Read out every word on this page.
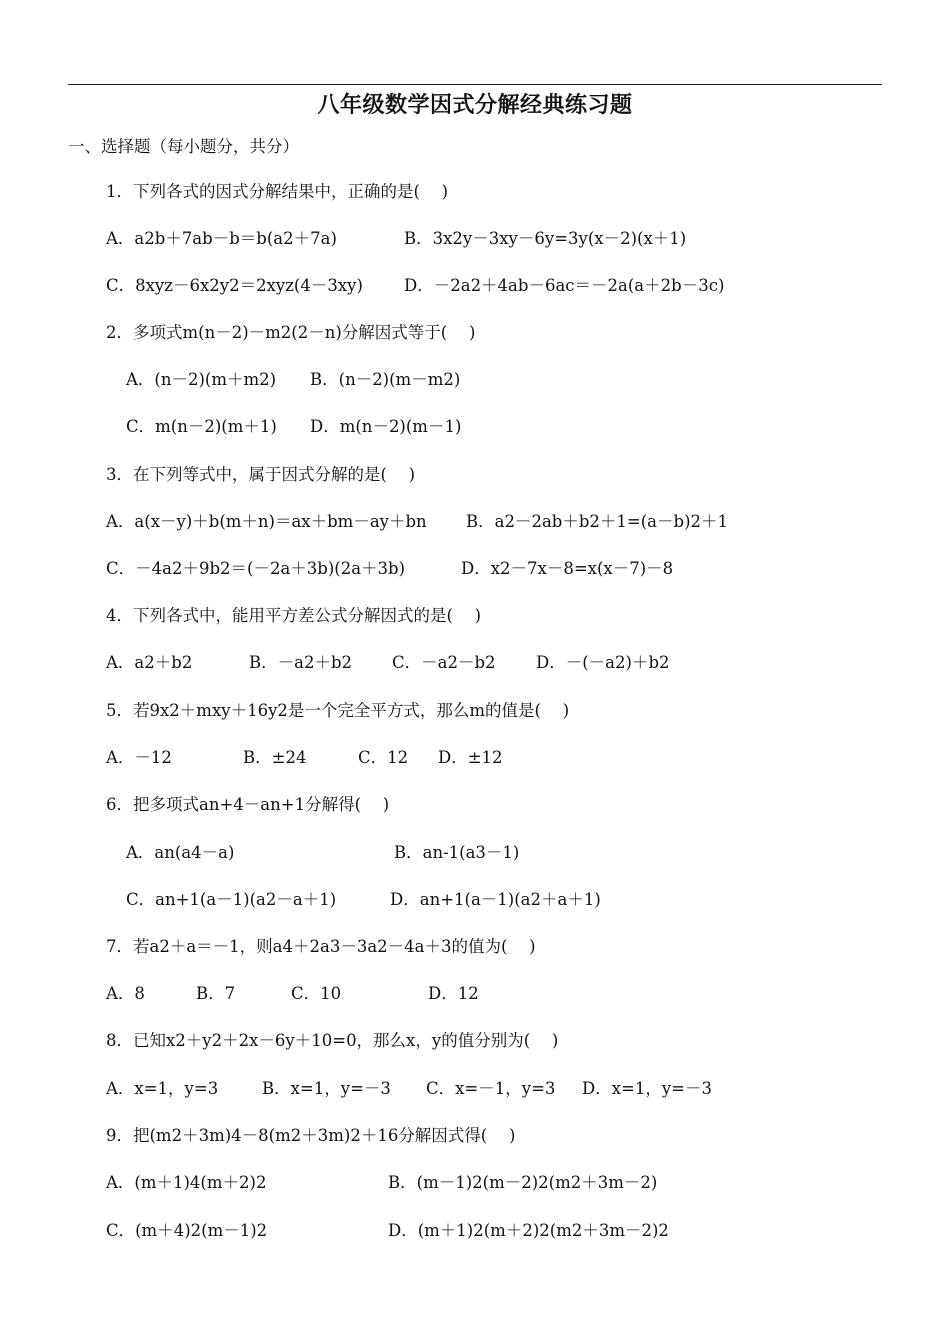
八年级数学因式分解经典练习题
一、选择题（每小题分，共分）
1．下列各式的因式分解结果中，正确的是(　 )
A．a2b＋7ab－b＝b(a2＋7a)	B．3x2y－3xy－6y=3y(x－2)(x＋1)
C．8xyz－6x2y2＝2xyz(4－3xy) D．－2a2＋4ab－6ac＝－2a(a＋2b－3c)
2．多项式m(n－2)－m2(2－n)分解因式等于(　 )
A．(n－2)(m＋m2) B．(n－2)(m－m2)
C．m(n－2)(m＋1) D．m(n－2)(m－1)
3．在下列等式中，属于因式分解的是(　 )
A．a(x－y)＋b(m＋n)＝ax＋bm－ay＋bn B．a2－2ab＋b2＋1=(a－b)2＋1
C．－4a2＋9b2＝(－2a＋3b)(2a＋3b)	D．x2－7x－8=x(x－7)－8
4．下列各式中，能用平方差公式分解因式的是(　 )
A．a2＋b2	B．－a2＋b2 C．－a2－b2 D．－(－a2)＋b2
5．若9x2＋mxy＋16y2是一个完全平方式，那么m的值是(　 )
A．－12	B．±24	C．12 D．±12
6．把多项式an+4－an+1分解得(　 )
A．an(a4－a)	B．an-1(a3－1)
C．an+1(a－1)(a2－a＋1)	D．an+1(a－1)(a2＋a＋1)
7．若a2＋a＝－1，则a4＋2a3－3a2－4a＋3的值为(　 )
A．8	B．7	C．10	D．12
8．已知x2＋y2＋2x－6y＋10=0，那么x，y的值分别为(　 )
A．x=1，y=3	B．x=1，y=－3 C．x=－1，y=3 D．x=1，y=－3
9．把(m2＋3m)4－8(m2＋3m)2＋16分解因式得(　 )
A．(m＋1)4(m＋2)2	B．(m－1)2(m－2)2(m2＋3m－2)
C．(m＋4)2(m－1)2	D．(m＋1)2(m＋2)2(m2＋3m－2)2
